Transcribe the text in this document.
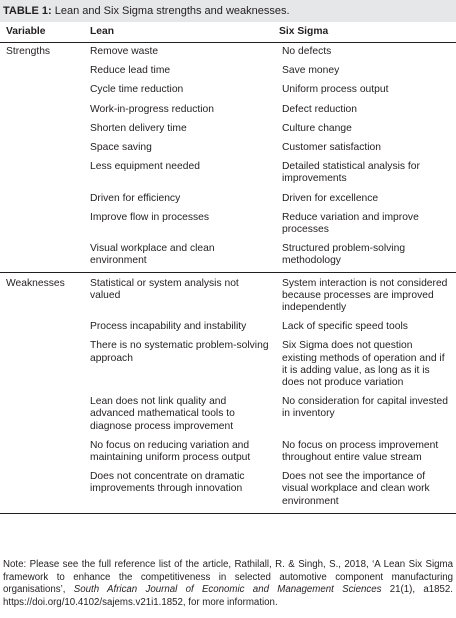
TABLE 1: Lean and Six Sigma strengths and weaknesses.
Variable	Lean	Six Sigma
Strengths	Remove waste	No defects
	Reduce lead time	Save money
	Cycle time reduction	Uniform process output
	Work-in-progress reduction	Defect reduction
	Shorten delivery time	Culture change
	Space saving	Customer satisfaction
	Less equipment needed	Detailed statistical analysis for improvements
	Driven for efficiency	Driven for excellence
	Improve flow in processes	Reduce variation and improve processes
	Visual workplace and clean environment	Structured problem-solving methodology
Weaknesses	Statistical or system analysis not valued	System interaction is not considered because processes are improved independently
	Process incapability and instability	Lack of specific speed tools
	There is no systematic problem-solving approach	Six Sigma does not question existing methods of operation and if it is adding value, as long as it is does not produce variation
	Lean does not link quality and advanced mathematical tools to diagnose process improvement	No consideration for capital invested in inventory
	No focus on reducing variation and maintaining uniform process output	No focus on process improvement throughout entire value stream
	Does not concentrate on dramatic improvements through innovation	Does not see the importance of visual workplace and clean work environment
Note: Please see the full reference list of the article, Rathilall, R. & Singh, S., 2018, ‘A Lean Six Sigma framework to enhance the competitiveness in selected automotive component manufacturing organisations’, South African Journal of Economic and Management Sciences 21(1), a1852. https://doi.org/10.4102/sajems.v21i1.1852, for more information.
